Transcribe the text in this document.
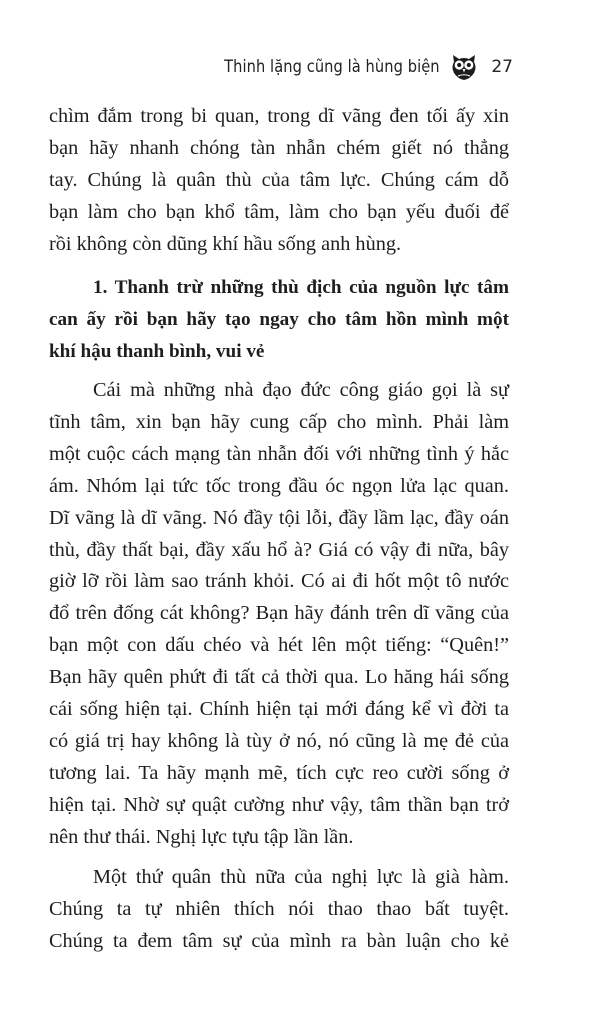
Thinh lặng cũng là hùng biện	27
chìm đắm trong bi quan, trong dĩ vãng đen tối ấy xin
bạn hãy nhanh chóng tàn nhẫn chém giết nó thẳng
tay. Chúng là quân thù của tâm lực. Chúng cám dỗ
bạn làm cho bạn khổ tâm, làm cho bạn yếu đuối để
rồi không còn dũng khí hầu sống anh hùng.
1. Thanh trừ những thù địch của nguồn lực tâm
can ấy rồi bạn hãy tạo ngay cho tâm hồn mình một
khí hậu thanh bình, vui vẻ
Cái mà những nhà đạo đức công giáo gọi là sự
tĩnh tâm, xin bạn hãy cung cấp cho mình. Phải làm
một cuộc cách mạng tàn nhẫn đối với những tình ý hắc
ám. Nhóm lại tức tốc trong đầu óc ngọn lửa lạc quan.
Dĩ vãng là dĩ vãng. Nó đầy tội lỗi, đầy lầm lạc, đầy oán
thù, đầy thất bại, đầy xấu hổ à? Giá có vậy đi nữa, bây
giờ lỡ rồi làm sao tránh khỏi. Có ai đi hốt một tô nước
đổ trên đống cát không? Bạn hãy đánh trên dĩ vãng của
bạn một con dấu chéo và hét lên một tiếng: “Quên!”
Bạn hãy quên phứt đi tất cả thời qua. Lo hăng hái sống
cái sống hiện tại. Chính hiện tại mới đáng kể vì đời ta
có giá trị hay không là tùy ở nó, nó cũng là mẹ đẻ của
tương lai. Ta hãy mạnh mẽ, tích cực reo cười sống ở
hiện tại. Nhờ sự quật cường như vậy, tâm thần bạn trở
nên thư thái. Nghị lực tựu tập lần lần.
Một thứ quân thù nữa của nghị lực là già hàm.
Chúng ta tự nhiên thích nói thao thao bất tuyệt.
Chúng ta đem tâm sự của mình ra bàn luận cho kẻ
